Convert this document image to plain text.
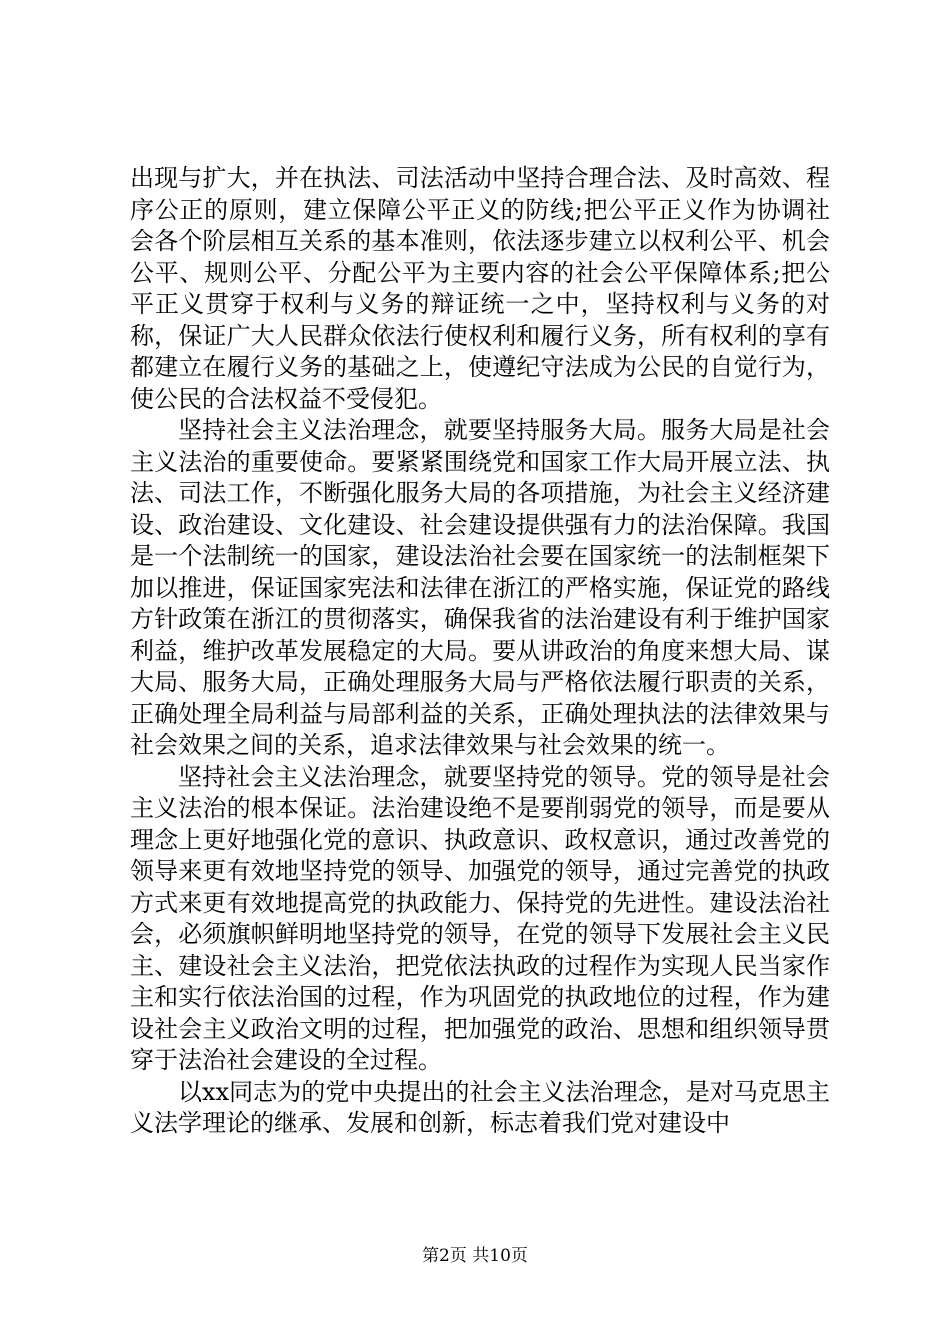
出现与扩大，并在执法、司法活动中坚持合理合法、及时高效、程序公正的原则，建立保障公平正义的防线;把公平正义作为协调社会各个阶层相互关系的基本准则，依法逐步建立以权利公平、机会公平、规则公平、分配公平为主要内容的社会公平保障体系;把公平正义贯穿于权利与义务的辩证统一之中，坚持权利与义务的对称，保证广大人民群众依法行使权利和履行义务，所有权利的享有都建立在履行义务的基础之上，使遵纪守法成为公民的自觉行为，使公民的合法权益不受侵犯。

坚持社会主义法治理念，就要坚持服务大局。服务大局是社会主义法治的重要使命。要紧紧围绕党和国家工作大局开展立法、执法、司法工作，不断强化服务大局的各项措施，为社会主义经济建设、政治建设、文化建设、社会建设提供强有力的法治保障。我国是一个法制统一的国家，建设法治社会要在国家统一的法制框架下加以推进，保证国家宪法和法律在浙江的严格实施，保证党的路线方针政策在浙江的贯彻落实，确保我省的法治建设有利于维护国家利益，维护改革发展稳定的大局。要从讲政治的角度来想大局、谋大局、服务大局，正确处理服务大局与严格依法履行职责的关系，正确处理全局利益与局部利益的关系，正确处理执法的法律效果与社会效果之间的关系，追求法律效果与社会效果的统一。

坚持社会主义法治理念，就要坚持党的领导。党的领导是社会主义法治的根本保证。法治建设绝不是要削弱党的领导，而是要从理念上更好地强化党的意识、执政意识、政权意识，通过改善党的领导来更有效地坚持党的领导、加强党的领导，通过完善党的执政方式来更有效地提高党的执政能力、保持党的先进性。建设法治社会，必须旗帜鲜明地坚持党的领导，在党的领导下发展社会主义民主、建设社会主义法治，把党依法执政的过程作为实现人民当家作主和实行依法治国的过程，作为巩固党的执政地位的过程，作为建设社会主义政治文明的过程，把加强党的政治、思想和组织领导贯穿于法治社会建设的全过程。

以xx同志为的党中央提出的社会主义法治理念，是对马克思主义法学理论的继承、发展和创新，标志着我们党对建设中

第2页 共10页
